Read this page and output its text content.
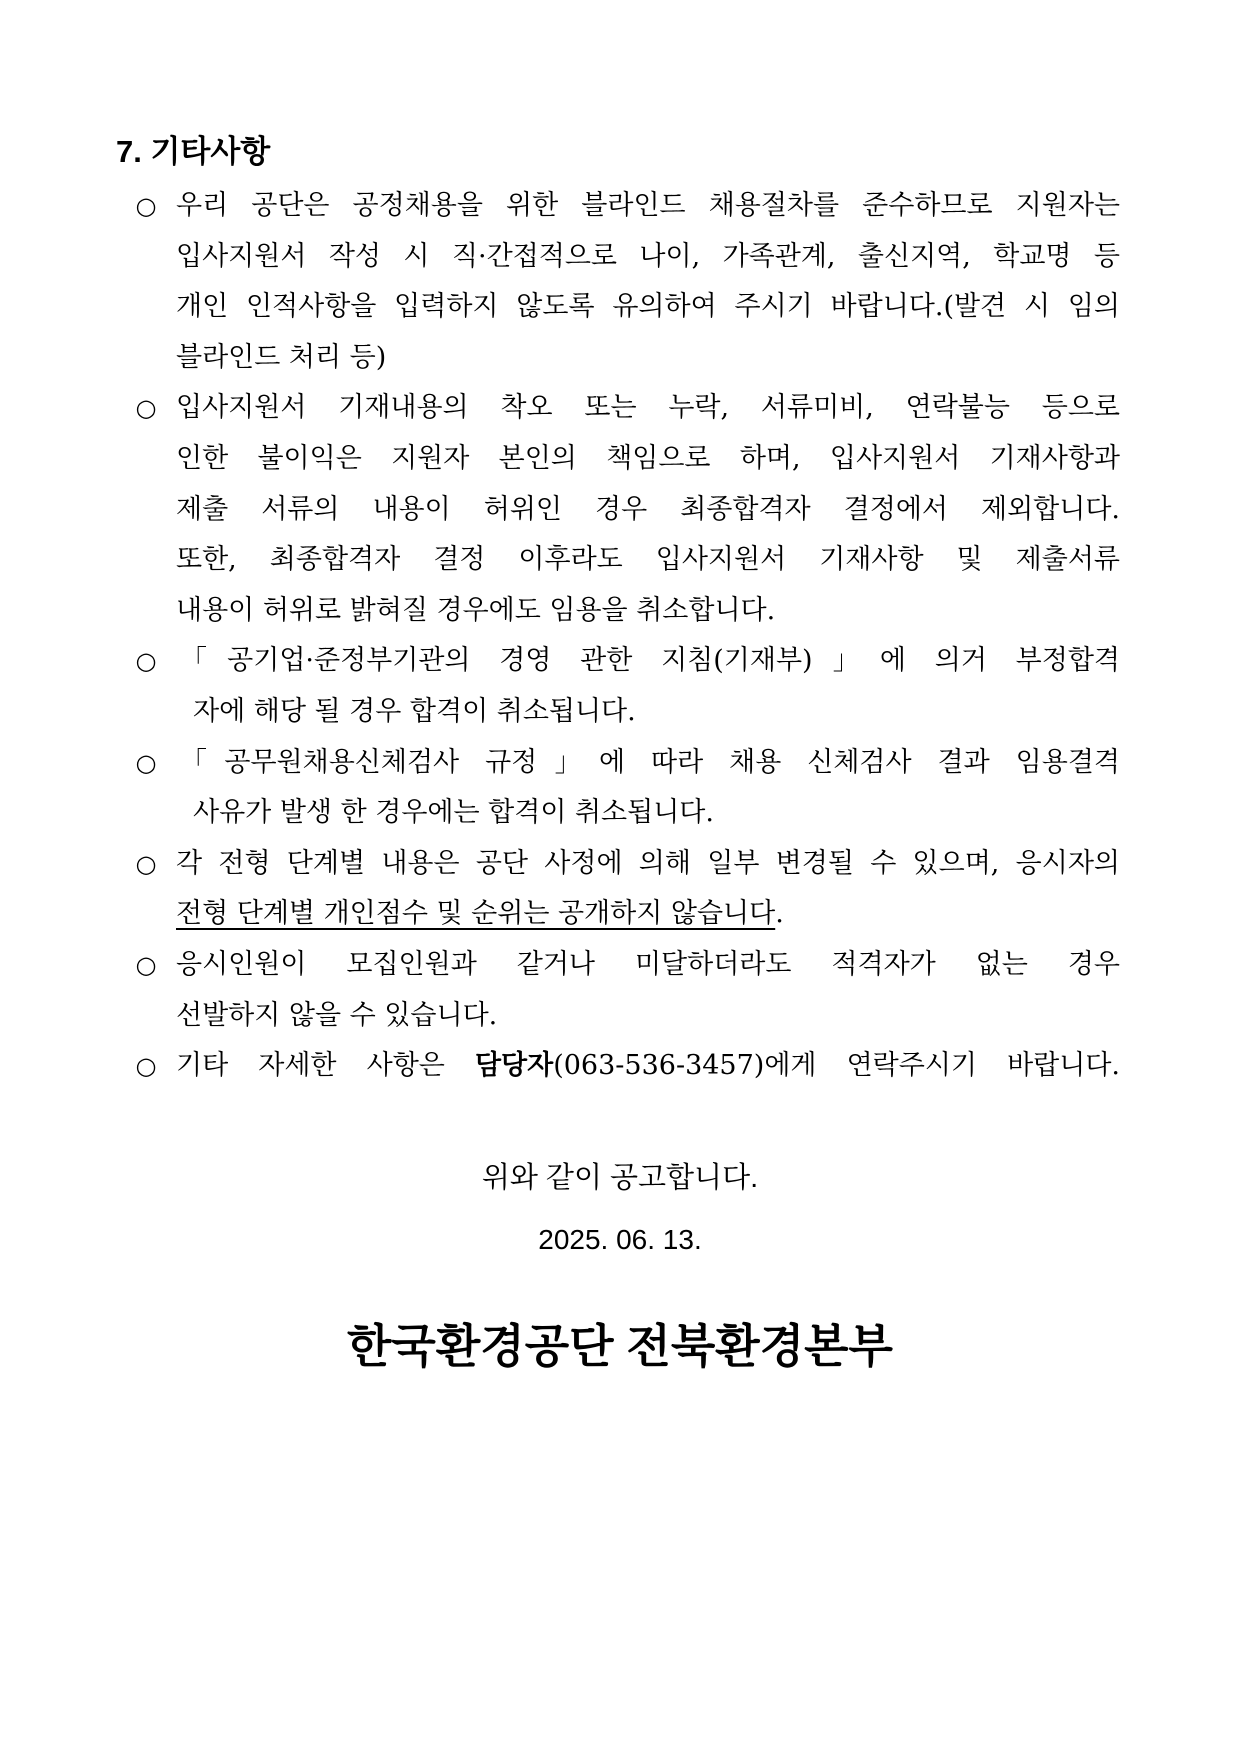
7. 기타사항
○ 우리 공단은 공정채용을 위한 블라인드 채용절차를 준수하므로 지원자는
입사지원서 작성 시 직·간접적으로 나이, 가족관계, 출신지역, 학교명 등
개인 인적사항을 입력하지 않도록 유의하여 주시기 바랍니다.(발견 시 임의
블라인드 처리 등)
○ 입사지원서 기재내용의 착오 또는 누락, 서류미비, 연락불능 등으로
인한 불이익은 지원자 본인의 책임으로 하며, 입사지원서 기재사항과
제출 서류의 내용이 허위인 경우 최종합격자 결정에서 제외합니다.
또한, 최종합격자 결정 이후라도 입사지원서 기재사항 및 제출서류
내용이 허위로 밝혀질 경우에도 임용을 취소합니다.
○ 「공기업·준정부기관의 경영 관한 지침(기재부)」에 의거 부정합격
자에 해당 될 경우 합격이 취소됩니다.
○ 「공무원채용신체검사 규정」에 따라 채용 신체검사 결과 임용결격
사유가 발생 한 경우에는 합격이 취소됩니다.
○ 각 전형 단계별 내용은 공단 사정에 의해 일부 변경될 수 있으며, 응시자의
전형 단계별 개인점수 및 순위는 공개하지 않습니다.
○ 응시인원이 모집인원과 같거나 미달하더라도 적격자가 없는 경우
선발하지 않을 수 있습니다.
○ 기타 자세한 사항은 담당자(063-536-3457)에게 연락주시기 바랍니다.
위와 같이 공고합니다.
2025. 06. 13.
한국환경공단 전북환경본부
